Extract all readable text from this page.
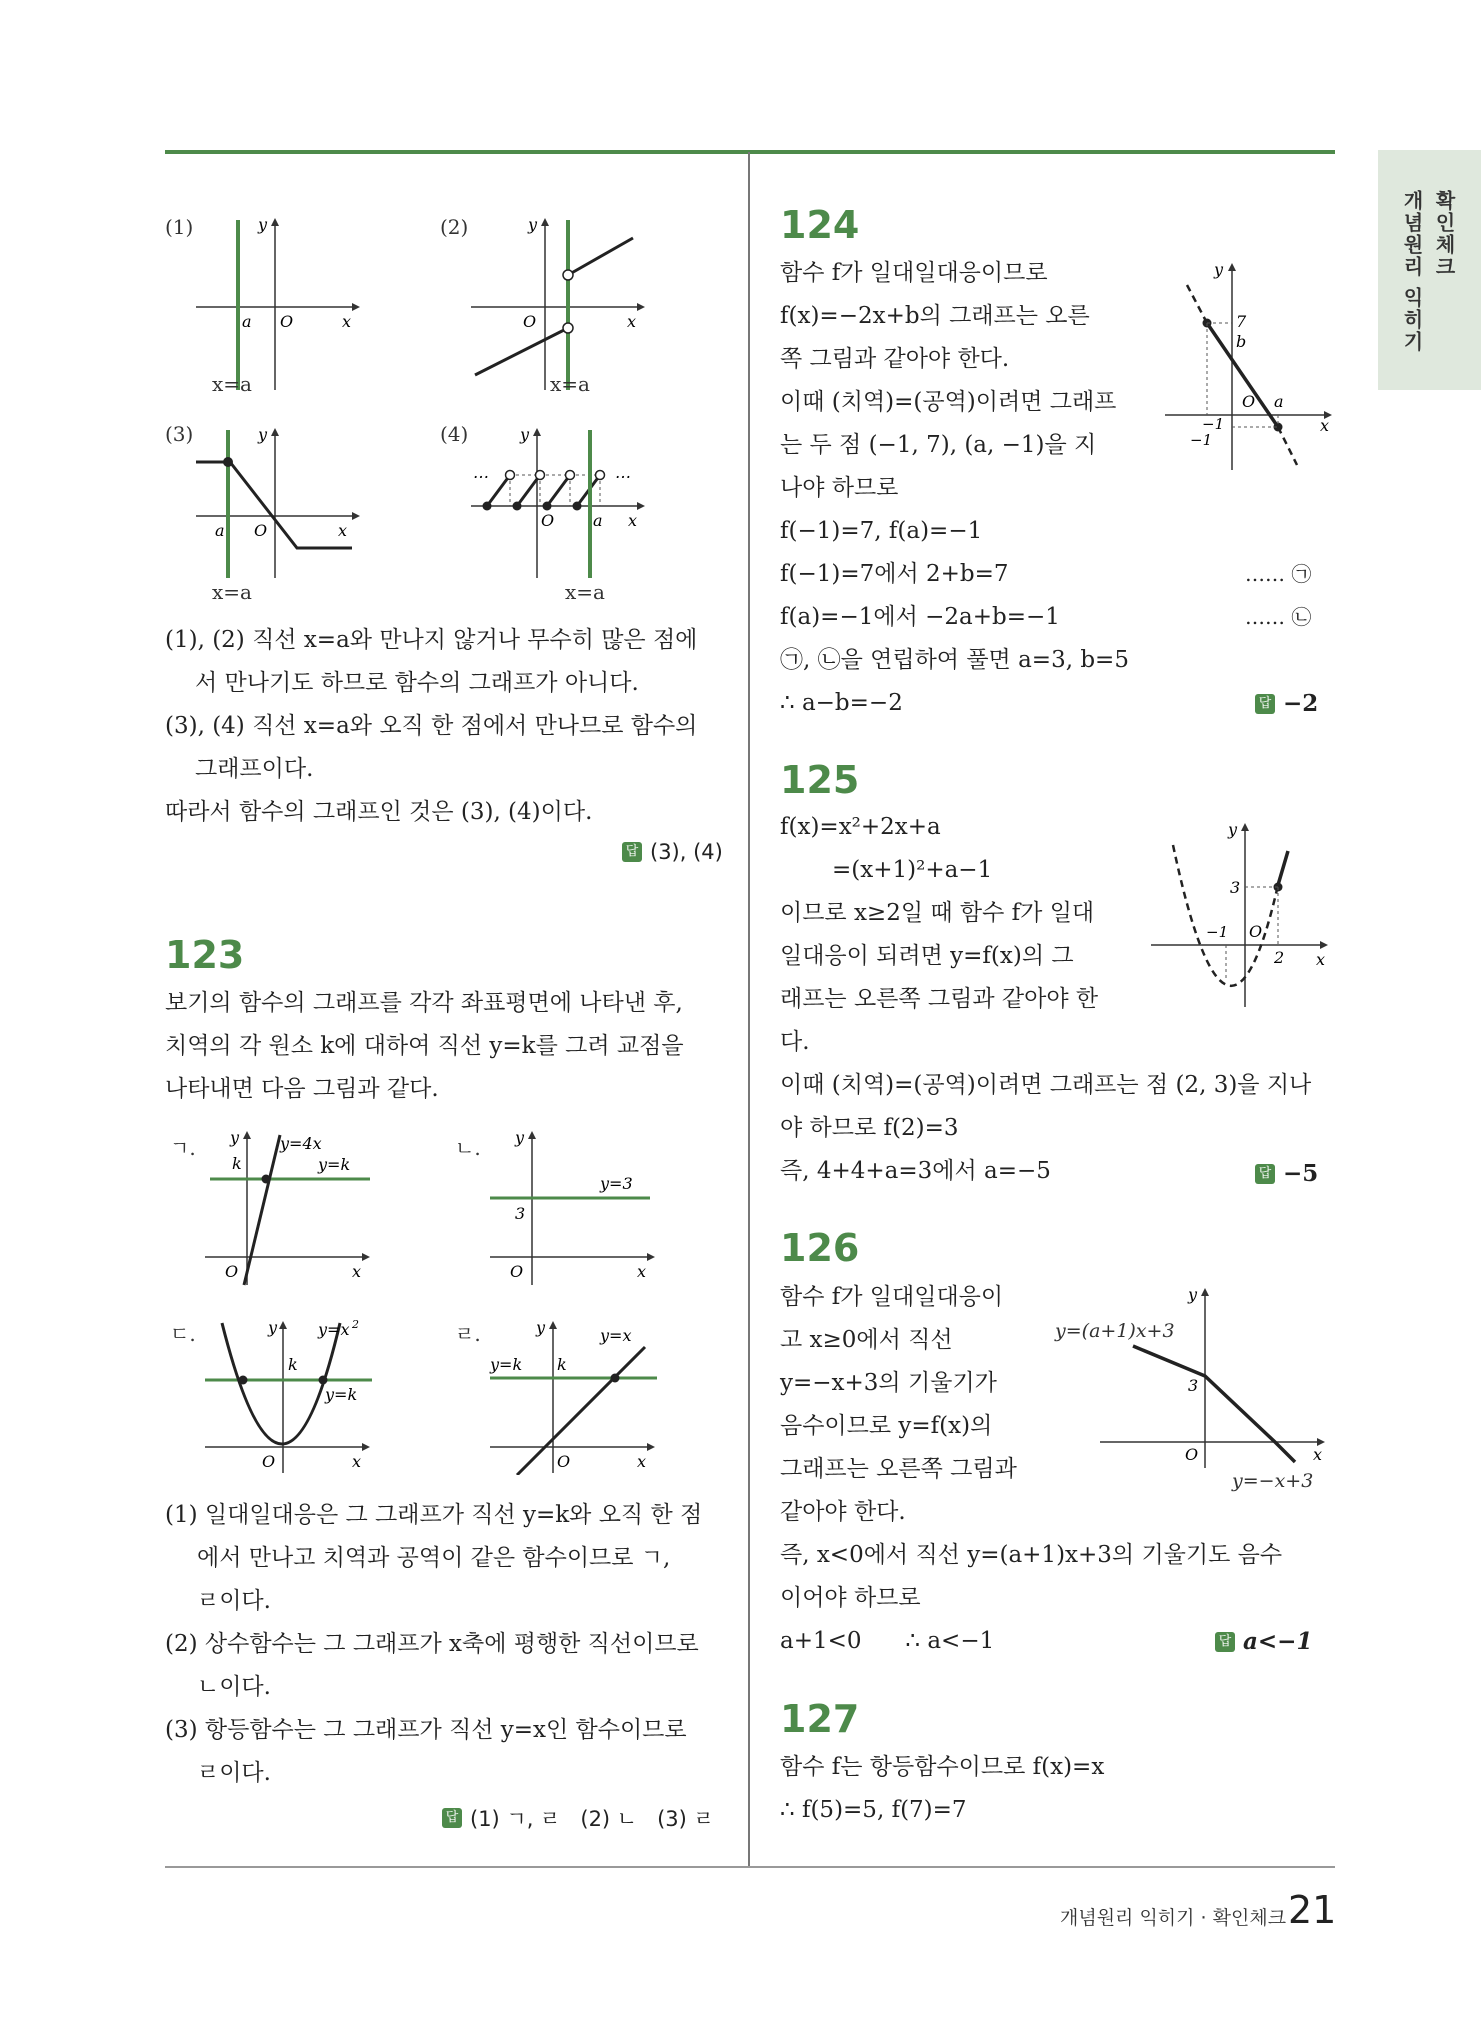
확인체크
개념원리 익히기
개념원리 익히기 · 확인체크 21
(1)	(2)
(3)	(4)
y
x
a O
x=a
y
x
O
x=a
y
x
a O
x=a
…	…
y
x
a
O
x=a
(1), (2) 직선 x=a와 만나지 않거나 무수히 많은 점에
서 만나기도 하므로 함수의 그래프가 아니다.
(3), (4) 직선 x=a와 오직 한 점에서 만나므로 함수의
그래프이다.
따라서 함수의 그래프인 것은 (3), (4)이다.
답 (3), (4)
123
보기의 함수의 그래프를 각각 좌표평면에 나타낸 후,
치역의 각 원소 k에 대하여 직선 y=k를 그려 교점을
나타내면 다음 그림과 같다.
ㄱ.	ㄴ.
ㄷ.	ㄹ.
y	y=4x
y=k
k
x
O
y
y=3
3
x
O
y	y=x 2
k
y=k
x
O
y	y=x
y=k k
x
O
(1) 일대일대응은 그 그래프가 직선 y=k와 오직 한 점
에서 만나고 치역과 공역이 같은 함수이므로 ㄱ,
ㄹ이다.
(2) 상수함수는 그 그래프가 x축에 평행한 직선이므로
ㄴ이다.
(3) 항등함수는 그 그래프가 직선 y=x인 함수이므로
ㄹ이다.
답 (1) ㄱ, ㄹ   (2) ㄴ   (3) ㄹ
124
함수 f가 일대일대응이므로
f(x)=−2x+b의 그래프는 오른
쪽 그림과 같아야 한다.
이때 (치역)=(공역)이려면 그래프
는 두 점 (−1, 7), (a, −1)을 지
나야 하므로
f(−1)=7, f(a)=−1
f(−1)=7에서 2+b=7
f(a)=−1에서 −2a+b=−1
㉠, ㉡을 연립하여 풀면 a=3, b=5
∴ a−b=−2
…… ㉠
…… ㉡
답 −2
y
7
b
O a
x
−1
−1
125
f(x)=x²+2x+a
=(x+1)²+a−1
이므로 x≥2일 때 함수 f가 일대
일대응이 되려면 y=f(x)의 그
래프는 오른쪽 그림과 같아야 한
다.
이때 (치역)=(공역)이려면 그래프는 점 (2, 3)을 지나
야 하므로 f(2)=3
즉, 4+4+a=3에서 a=−5	답 −5
y
3
−1 O
2 x
126
함수 f가 일대일대응이
고 x≥0에서 직선
y=−x+3의 기울기가
음수이므로 y=f(x)의
그래프는 오른쪽 그림과
같아야 한다.
즉, x<0에서 직선 y=(a+1)x+3의 기울기도 음수
이어야 하므로
a+1<0      ∴ a<−1	답 a<−1
y=(a+1)x+3
y=−x+3
y
3
O	x
127
함수 f는 항등함수이므로 f(x)=x
∴ f(5)=5, f(7)=7
